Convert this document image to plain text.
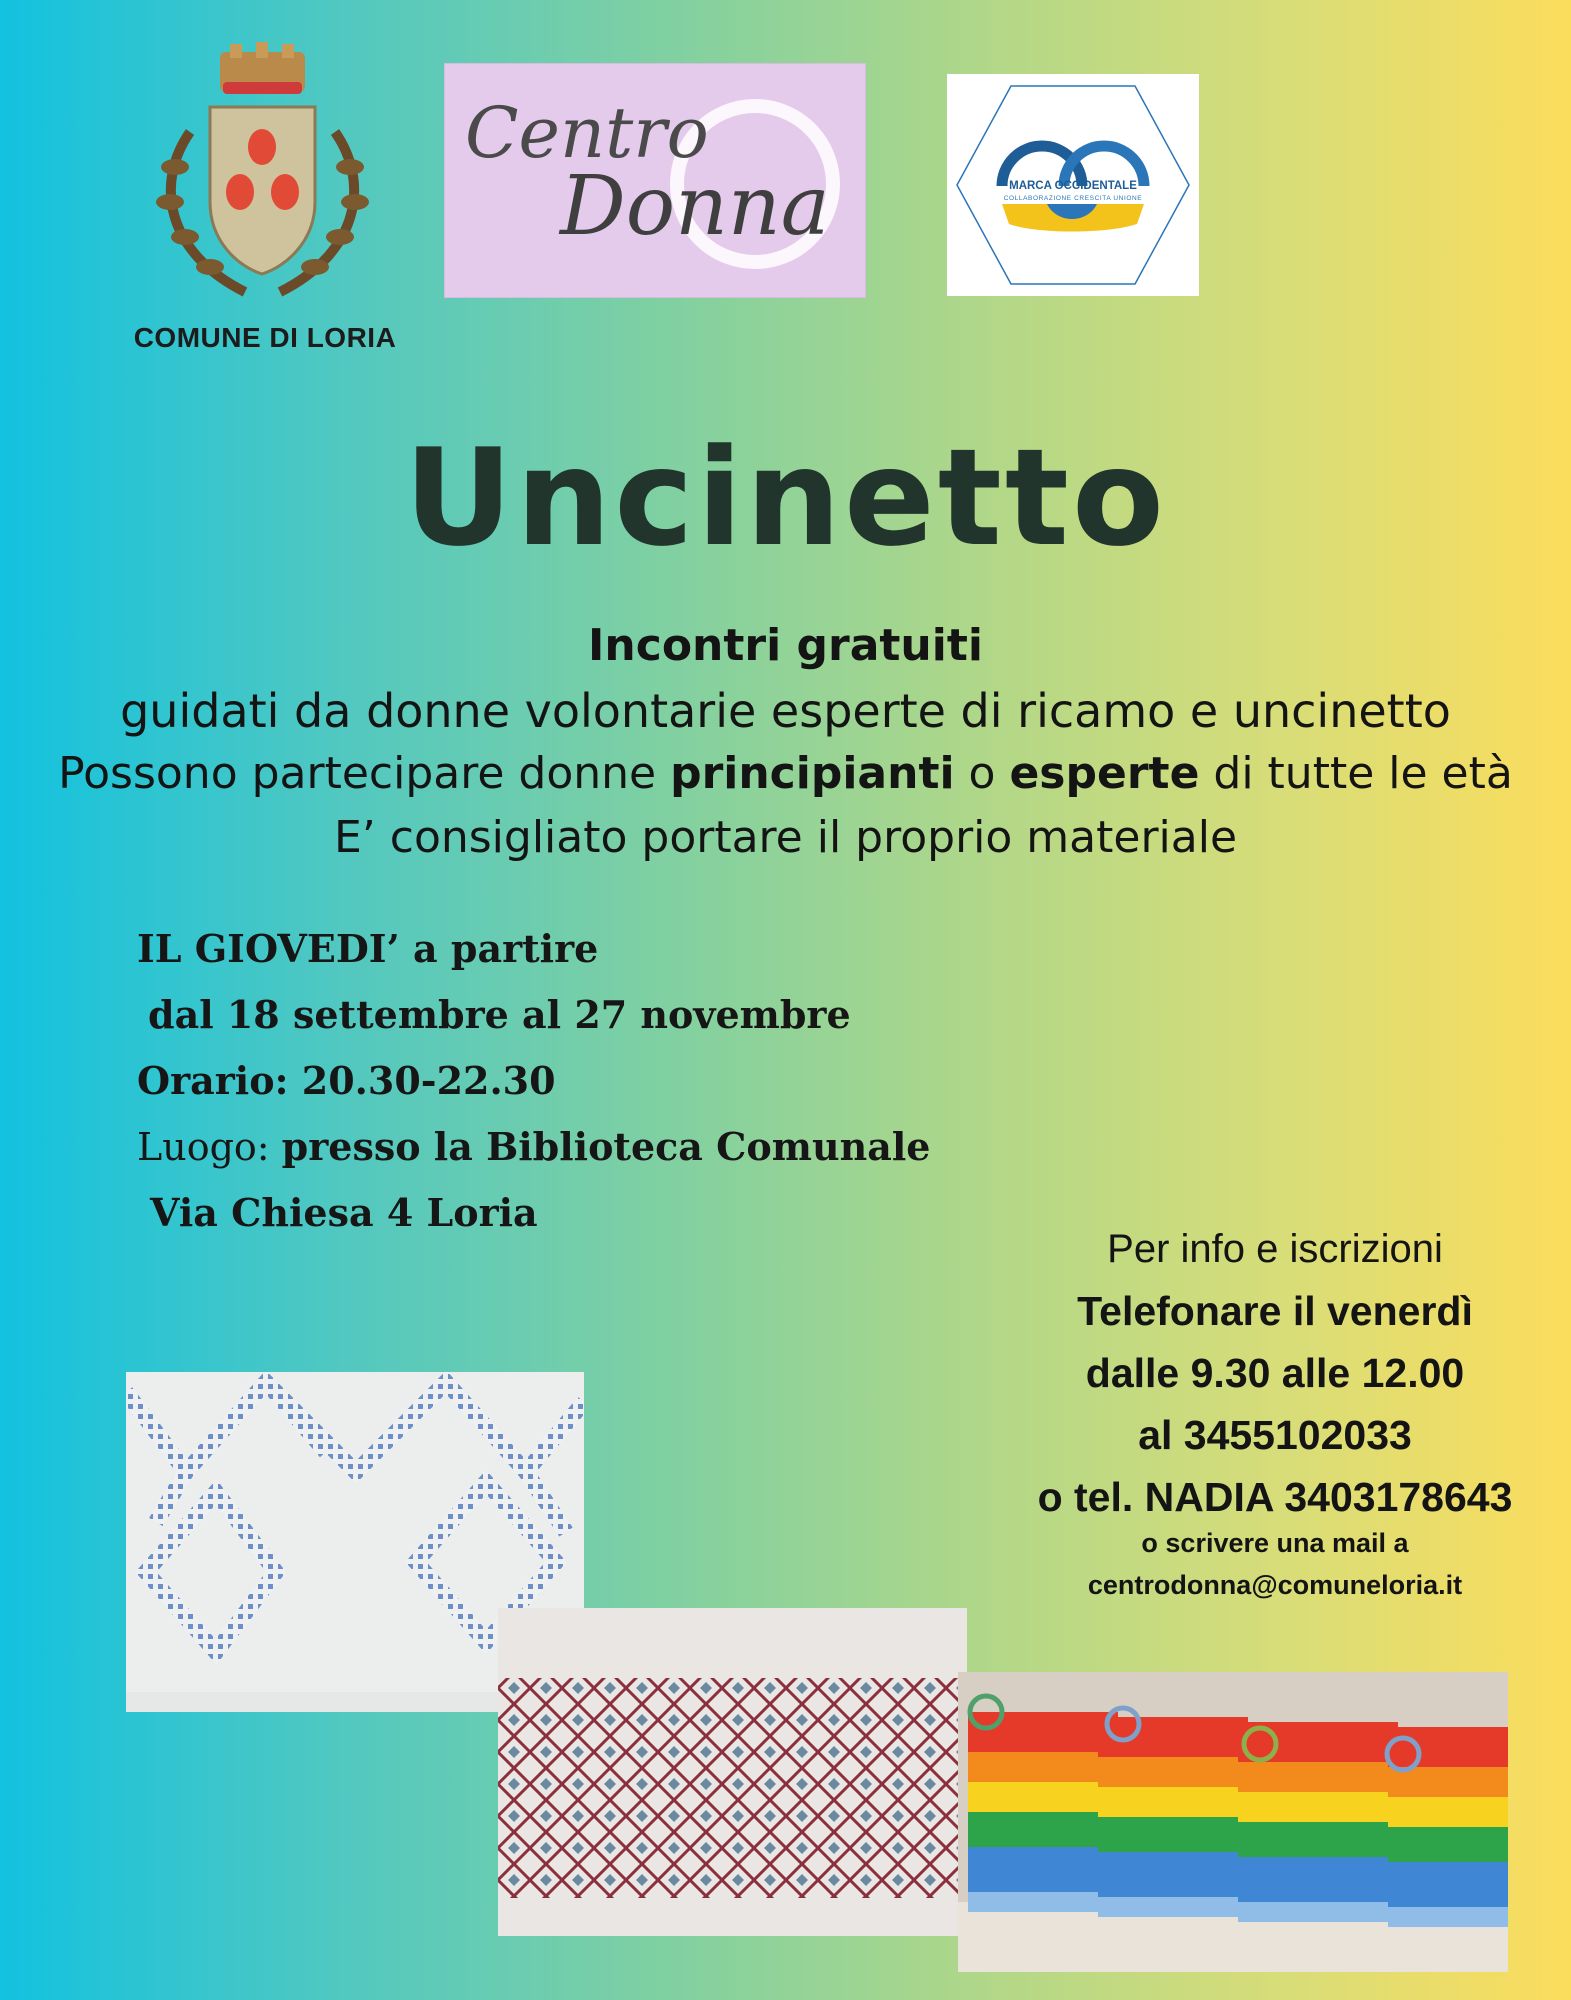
COMUNE DI LORIA
Centro
Donna	MARCA OCCIDENTALE
COLLABORAZIONE CRESCITA UNIONE
Uncinetto
Incontri gratuiti
guidati da donne volontarie esperte di ricamo e uncinetto
Possono partecipare donne principianti o esperte di tutte le età
E’ consigliato portare il proprio materiale
IL GIOVEDI’ a partire
dal 18 settembre al 27 novembre
Orario: 20.30-22.30
Luogo: presso la Biblioteca Comunale
Via Chiesa 4 Loria
Per info e iscrizioni
Telefonare il venerdì
dalle 9.30 alle 12.00
al 3455102033
o tel. NADIA 3403178643
o scrivere una mail a
centrodonna@comuneloria.it
